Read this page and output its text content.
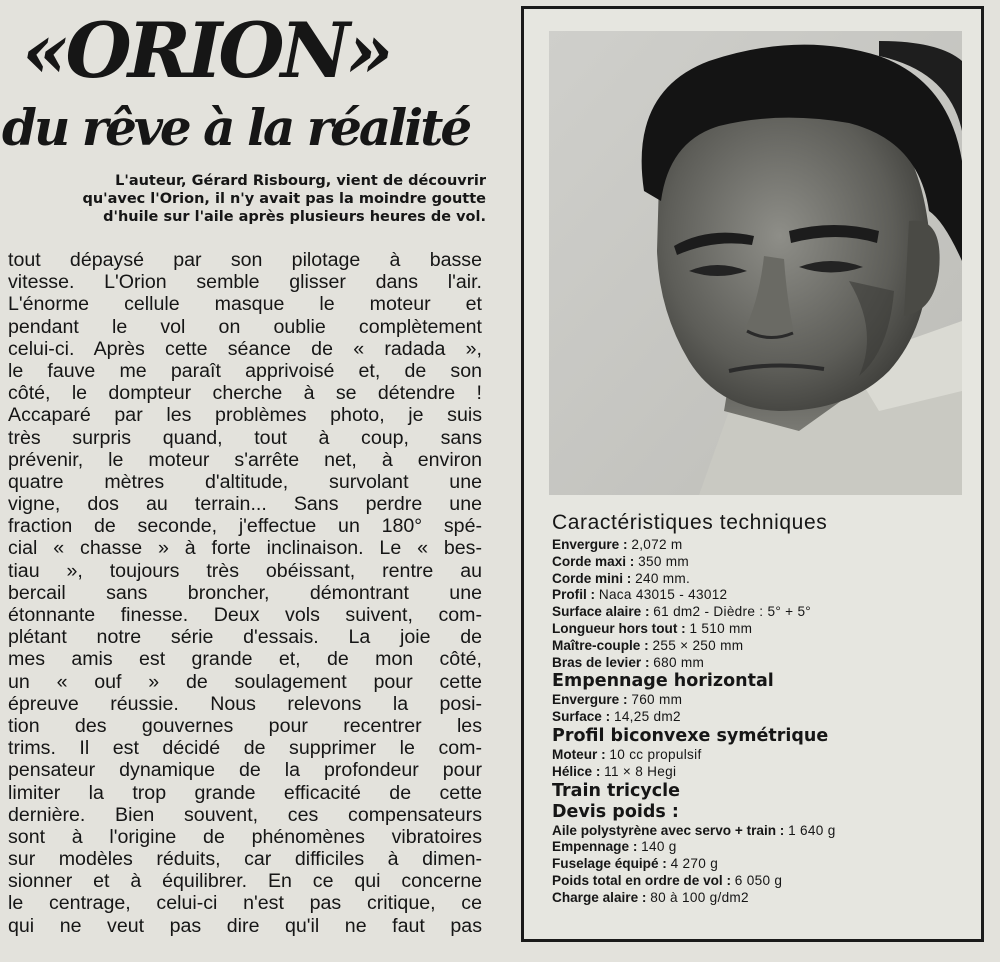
«ORION»
du rêve à la réalité

L'auteur, Gérard Risbourg, vient de découvrir
qu'avec l'Orion, il n'y avait pas la moindre goutte
d'huile sur l'aile après plusieurs heures de vol.

tout dépaysé par son pilotage à basse
vitesse. L'Orion semble glisser dans l'air.
L'énorme cellule masque le moteur et
pendant le vol on oublie complètement
celui-ci. Après cette séance de « radada »,
le fauve me paraît apprivoisé et, de son
côté, le dompteur cherche à se détendre !
Accaparé par les problèmes photo, je suis
très surpris quand, tout à coup, sans
prévenir, le moteur s'arrête net, à environ
quatre mètres d'altitude, survolant une
vigne, dos au terrain... Sans perdre une
fraction de seconde, j'effectue un 180° spé-
cial « chasse » à forte inclinaison. Le « bes-
tiau », toujours très obéissant, rentre au
bercail sans broncher, démontrant une
étonnante finesse. Deux vols suivent, com-
plétant notre série d'essais. La joie de
mes amis est grande et, de mon côté,
un « ouf » de soulagement pour cette
épreuve réussie. Nous relevons la posi-
tion des gouvernes pour recentrer les
trims. Il est décidé de supprimer le com-
pensateur dynamique de la profondeur pour
limiter la trop grande efficacité de cette
dernière. Bien souvent, ces compensateurs
sont à l'origine de phénomènes vibratoires
sur modèles réduits, car difficiles à dimen-
sionner et à équilibrer. En ce qui concerne
le centrage, celui-ci n'est pas critique, ce
qui ne veut pas dire qu'il ne faut pas

Caractéristiques techniques

Envergure : 2,072 m
Corde maxi : 350 mm
Corde mini : 240 mm.
Profil : Naca 43015 - 43012
Surface alaire : 61 dm2 - Dièdre : 5° + 5°
Longueur hors tout : 1 510 mm
Maître-couple : 255 × 250 mm
Bras de levier : 680 mm
Empennage horizontal
Envergure : 760 mm
Surface : 14,25 dm2
Profil biconvexe symétrique
Moteur : 10 cc propulsif
Hélice : 11 × 8 Hegi
Train tricycle
Devis poids :
Aile polystyrène avec servo + train : 1 640 g
Empennage : 140 g
Fuselage équipé : 4 270 g
Poids total en ordre de vol : 6 050 g
Charge alaire : 80 à 100 g/dm2
